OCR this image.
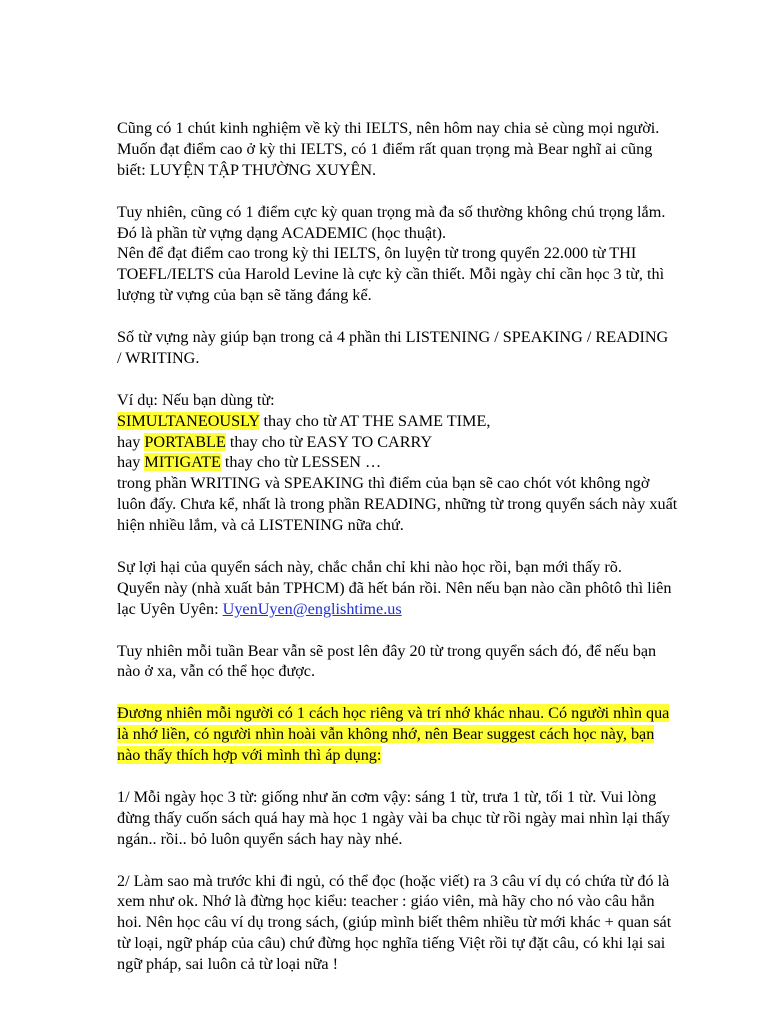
Cũng có 1 chút kinh nghiệm về kỳ thi IELTS, nên hôm nay chia sẻ cùng mọi người.

Muốn đạt điểm cao ở kỳ thi IELTS, có 1 điểm rất quan trọng mà Bear nghĩ ai cũng

biết: LUYỆN TẬP THƯỜNG XUYÊN.

Tuy nhiên, cũng có 1 điểm cực kỳ quan trọng mà đa số thường không chú trọng lắm.

Đó là phần từ vựng dạng ACADEMIC (học thuật).

Nên để đạt điểm cao trong kỳ thi IELTS, ôn luyện từ trong quyển 22.000 từ THI

TOEFL/IELTS của Harold Levine là cực kỳ cần thiết. Mỗi ngày chỉ cần học 3 từ, thì

lượng từ vựng của bạn sẽ tăng đáng kể.

Số từ vựng này giúp bạn trong cả 4 phần thi LISTENING / SPEAKING / READING

/ WRITING.

Ví dụ: Nếu bạn dùng từ:

SIMULTANEOUSLY thay cho từ AT THE SAME TIME,

hay PORTABLE thay cho từ EASY TO CARRY

hay MITIGATE thay cho từ LESSEN …

trong phần WRITING và SPEAKING thì điểm của bạn sẽ cao chót vót không ngờ

luôn đấy. Chưa kể, nhất là trong phần READING, những từ trong quyển sách này xuất

hiện nhiều lắm, và cả LISTENING nữa chứ.

Sự lợi hại của quyển sách này, chắc chắn chỉ khi nào học rồi, bạn mới thấy rõ.

Quyển này (nhà xuất bản TPHCM) đã hết bán rồi. Nên nếu bạn nào cần phôtô thì liên

lạc Uyên Uyên: UyenUyen@englishtime.us

Tuy nhiên mỗi tuần Bear vẫn sẽ post lên đây 20 từ trong quyển sách đó, để nếu bạn

nào ở xa, vẫn có thể học được.

Đương nhiên mỗi người có 1 cách học riêng và trí nhớ khác nhau. Có người nhìn qua

là nhớ liền, có người nhìn hoài vẫn không nhớ, nên Bear suggest cách học này, bạn

nào thấy thích hợp với mình thì áp dụng:

1/ Mỗi ngày học 3 từ: giống như ăn cơm vậy: sáng 1 từ, trưa 1 từ, tối 1 từ. Vui lòng

đừng thấy cuốn sách quá hay mà học 1 ngày vài ba chục từ rồi ngày mai nhìn lại thấy

ngán.. rồi.. bỏ luôn quyển sách hay này nhé.

2/ Làm sao mà trước khi đi ngủ, có thể đọc (hoặc viết) ra 3 câu ví dụ có chứa từ đó là

xem như ok. Nhớ là đừng học kiểu: teacher : giáo viên, mà hãy cho nó vào câu hẳn

hoi. Nên học câu ví dụ trong sách, (giúp mình biết thêm nhiều từ mới khác + quan sát

từ loại, ngữ pháp của câu) chứ đừng học nghĩa tiếng Việt rồi tự đặt câu, có khi lại sai

ngữ pháp, sai luôn cả từ loại nữa !
